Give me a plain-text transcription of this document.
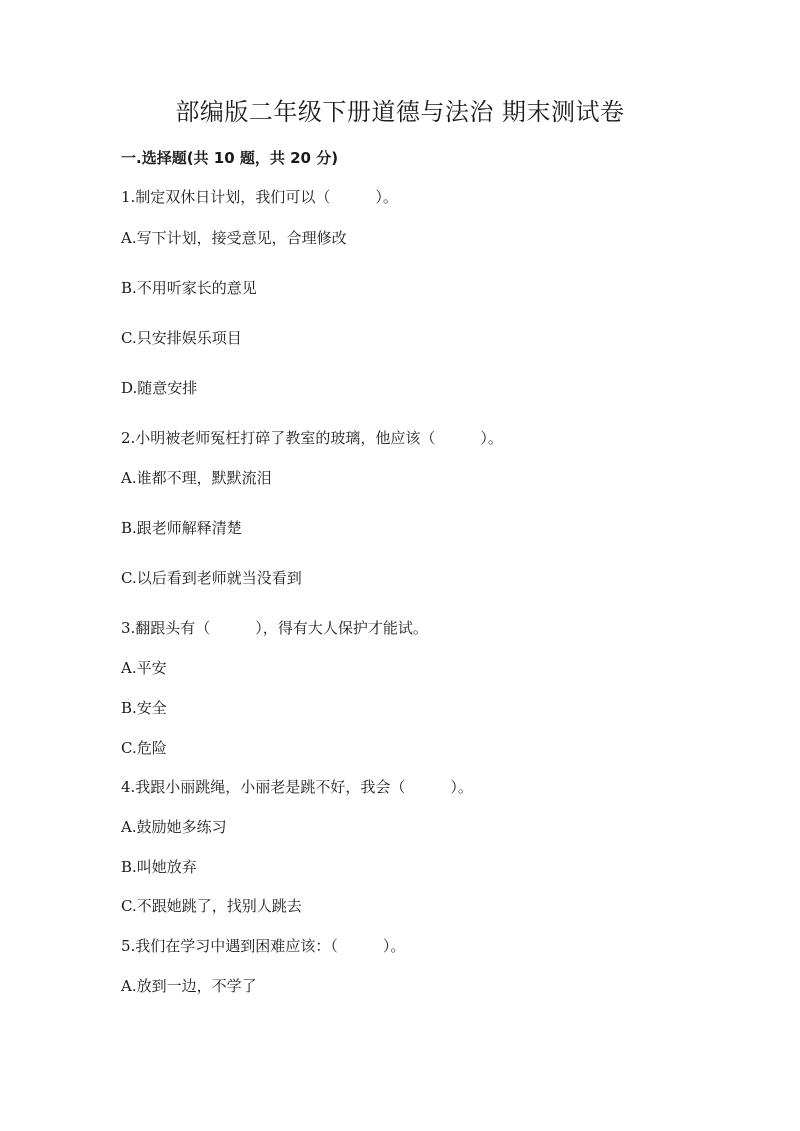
部编版二年级下册道德与法治 期末测试卷
一.选择题(共 10 题，共 20 分)
1.制定双休日计划，我们可以（　　　）。
A.写下计划，接受意见，合理修改
B.不用听家长的意见
C.只安排娱乐项目
D.随意安排
2.小明被老师冤枉打碎了教室的玻璃，他应该（　　　）。
A.谁都不理，默默流泪
B.跟老师解释清楚
C.以后看到老师就当没看到
3.翻跟头有（　　　），得有大人保护才能试。
A.平安
B.安全
C.危险
4.我跟小丽跳绳，小丽老是跳不好，我会（　　　）。
A.鼓励她多练习
B.叫她放弃
C.不跟她跳了，找别人跳去
5.我们在学习中遇到困难应该：（　　　）。
A.放到一边，不学了
